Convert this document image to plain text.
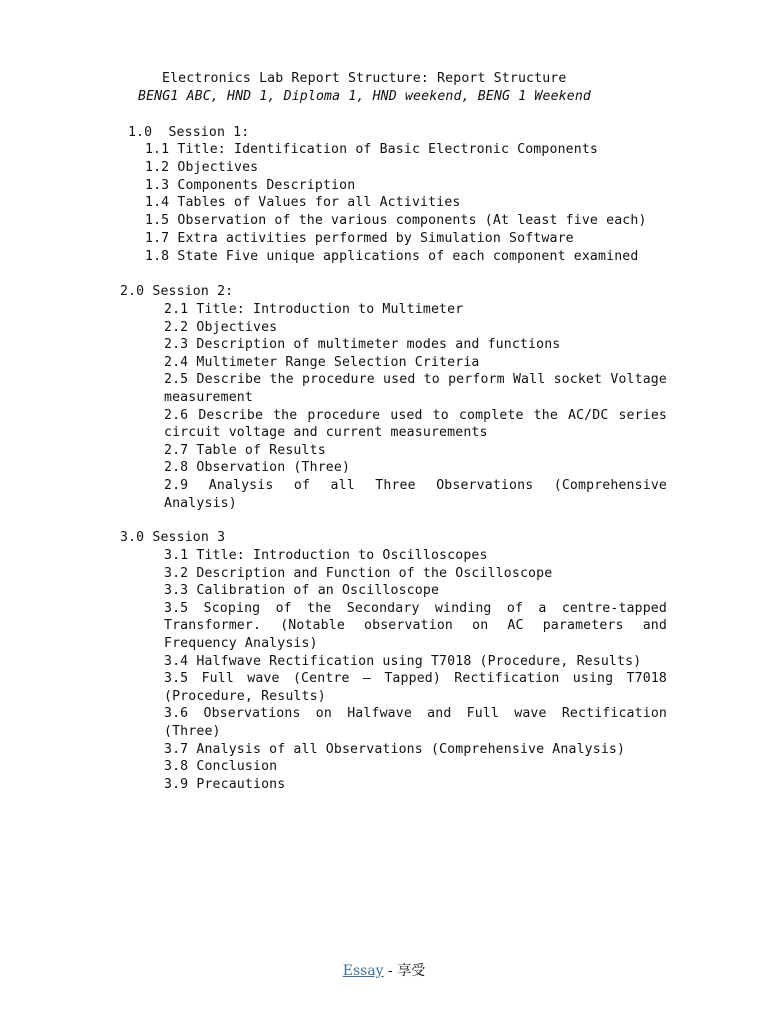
Electronics Lab Report Structure: Report Structure
BENG1 ABC, HND 1, Diploma 1, HND weekend, BENG 1 Weekend
1.0  Session 1:
1.1 Title: Identification of Basic Electronic Components
1.2 Objectives
1.3 Components Description
1.4 Tables of Values for all Activities
1.5 Observation of the various components (At least five each)
1.7 Extra activities performed by Simulation Software
1.8 State Five unique applications of each component examined
2.0 Session 2:
2.1 Title: Introduction to Multimeter
2.2 Objectives
2.3 Description of multimeter modes and functions
2.4 Multimeter Range Selection Criteria
2.5 Describe the procedure used to perform Wall socket Voltage measurement
2.6 Describe the procedure used to complete the AC/DC series circuit voltage and current measurements
2.7 Table of Results
2.8 Observation (Three)
2.9 Analysis of all Three Observations (Comprehensive Analysis)
3.0 Session 3
3.1 Title: Introduction to Oscilloscopes
3.2 Description and Function of the Oscilloscope
3.3 Calibration of an Oscilloscope
3.5 Scoping of the Secondary winding of a centre-tapped Transformer. (Notable observation on AC parameters and Frequency Analysis)
3.4 Halfwave Rectification using T7018 (Procedure, Results)
3.5 Full wave (Centre – Tapped) Rectification using T7018 (Procedure, Results)
3.6 Observations on Halfwave and Full wave Rectification (Three)
3.7 Analysis of all Observations (Comprehensive Analysis)
3.8 Conclusion
3.9 Precautions
Essay - 享受
